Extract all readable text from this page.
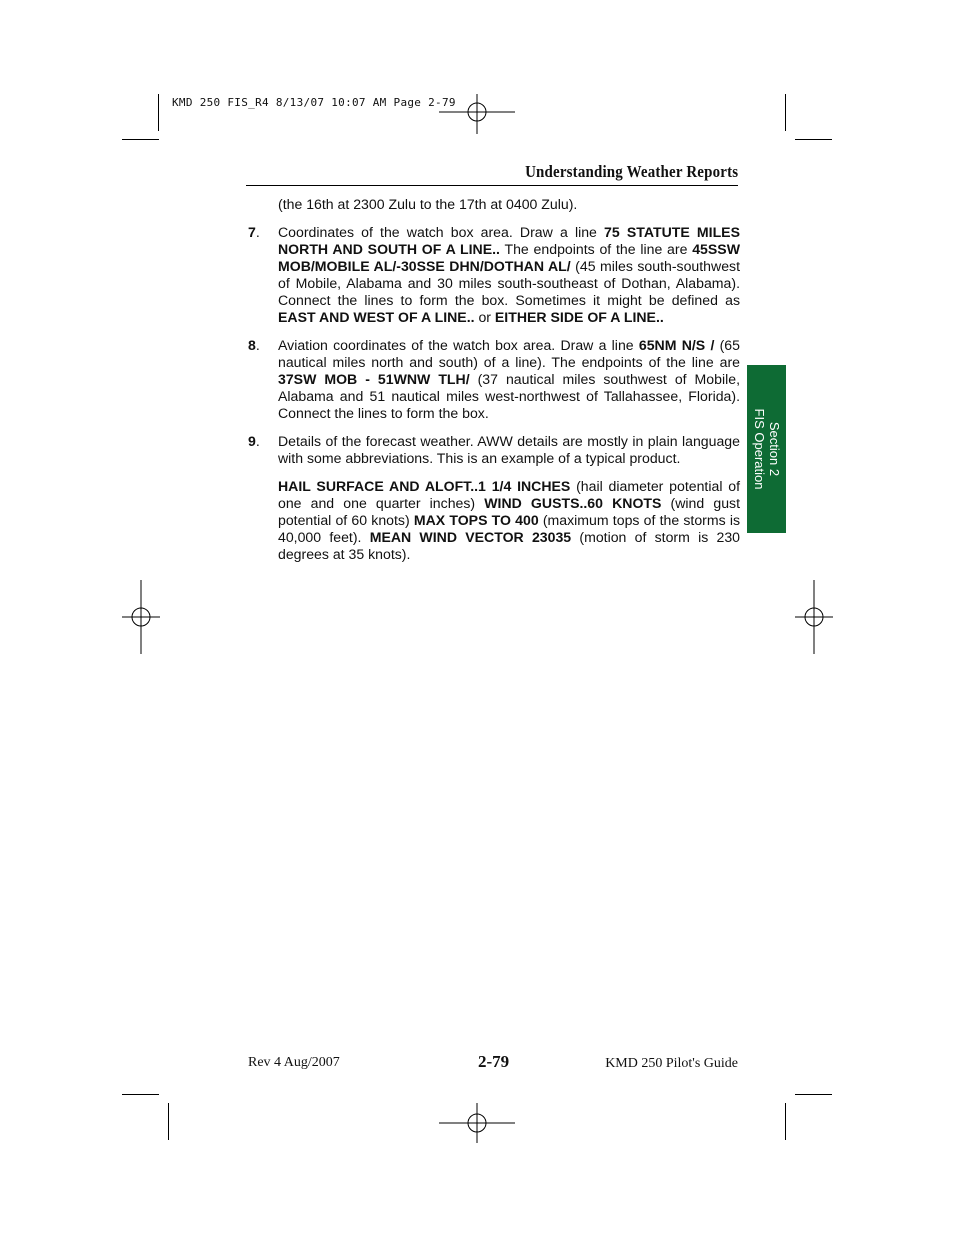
KMD 250 FIS_R4 8/13/07 10:07 AM Page 2-79
Understanding Weather Reports
(the 16th at 2300 Zulu to the 17th at 0400 Zulu).
7.	Coordinates of the watch box area. Draw a line 75 STATUTE MILES NORTH AND SOUTH OF A LINE.. The endpoints of the line are 45SSW MOB/MOBILE AL/-30SSE DHN/DOTHAN AL/ (45 miles south-southwest of Mobile, Alabama and 30 miles south-southeast of Dothan, Alabama). Connect the lines to form the box. Sometimes it might be defined as EAST AND WEST OF A LINE.. or EITHER SIDE OF A LINE..
8.	Aviation coordinates of the watch box area. Draw a line 65NM N/S / (65 nautical miles north and south) of a line). The endpoints of the line are 37SW MOB - 51WNW TLH/ (37 nautical miles southwest of Mobile, Alabama and 51 nautical miles west-northwest of Tallahassee, Florida). Connect the lines to form the box.
9.	Details of the forecast weather. AWW details are mostly in plain language with some abbreviations. This is an example of a typical product.
HAIL SURFACE AND ALOFT..1 1/4 INCHES (hail diameter potential of one and one quarter inches) WIND GUSTS..60 KNOTS (wind gust potential of 60 knots) MAX TOPS TO 400 (maximum tops of the storms is 40,000 feet). MEAN WIND VECTOR 23035 (motion of storm is 230 degrees at 35 knots).
Section 2
FIS Operation
Rev 4 Aug/2007	2-79	KMD 250 Pilot's Guide
